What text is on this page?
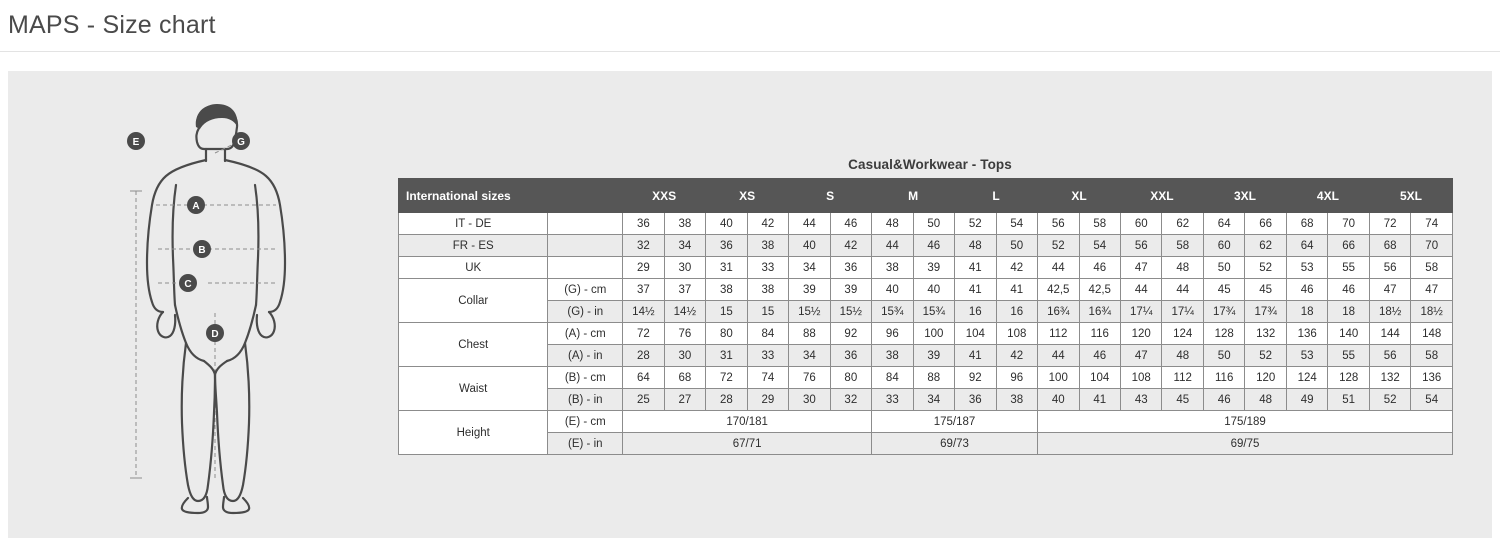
MAPS - Size chart
E	G
A
B
C
D
Casual&Workwear - Tops
International sizes		XXS		XS		S		M		L		XL		XXL		3XL		4XL		5XL	
IT - DE		36	38	40	42	44	46	48	50	52	54	56	58	60	62	64	66	68	70	72	74
FR - ES		32	34	36	38	40	42	44	46	48	50	52	54	56	58	60	62	64	66	68	70
UK		29	30	31	33	34	36	38	39	41	42	44	46	47	48	50	52	53	55	56	58
Collar	(G) - cm	37	37	38	38	39	39	40	40	41	41	42,5	42,5	44	44	45	45	46	46	47	47
	(G) - in	14½	14½	15	15	15½	15½	15¾	15¾	16	16	16¾	16¾	17¼	17¼	17¾	17¾	18	18	18½	18½
Chest	(A) - cm	72	76	80	84	88	92	96	100	104	108	112	116	120	124	128	132	136	140	144	148
	(A) - in	28	30	31	33	34	36	38	39	41	42	44	46	47	48	50	52	53	55	56	58
Waist	(B) - cm	64	68	72	74	76	80	84	88	92	96	100	104	108	112	116	120	124	128	132	136
	(B) - in	25	27	28	29	30	32	33	34	36	38	40	41	43	45	46	48	49	51	52	54
Height	(E) - cm	170/181						175/187				175/189									
	(E) - in	67/71						69/73				69/75									
